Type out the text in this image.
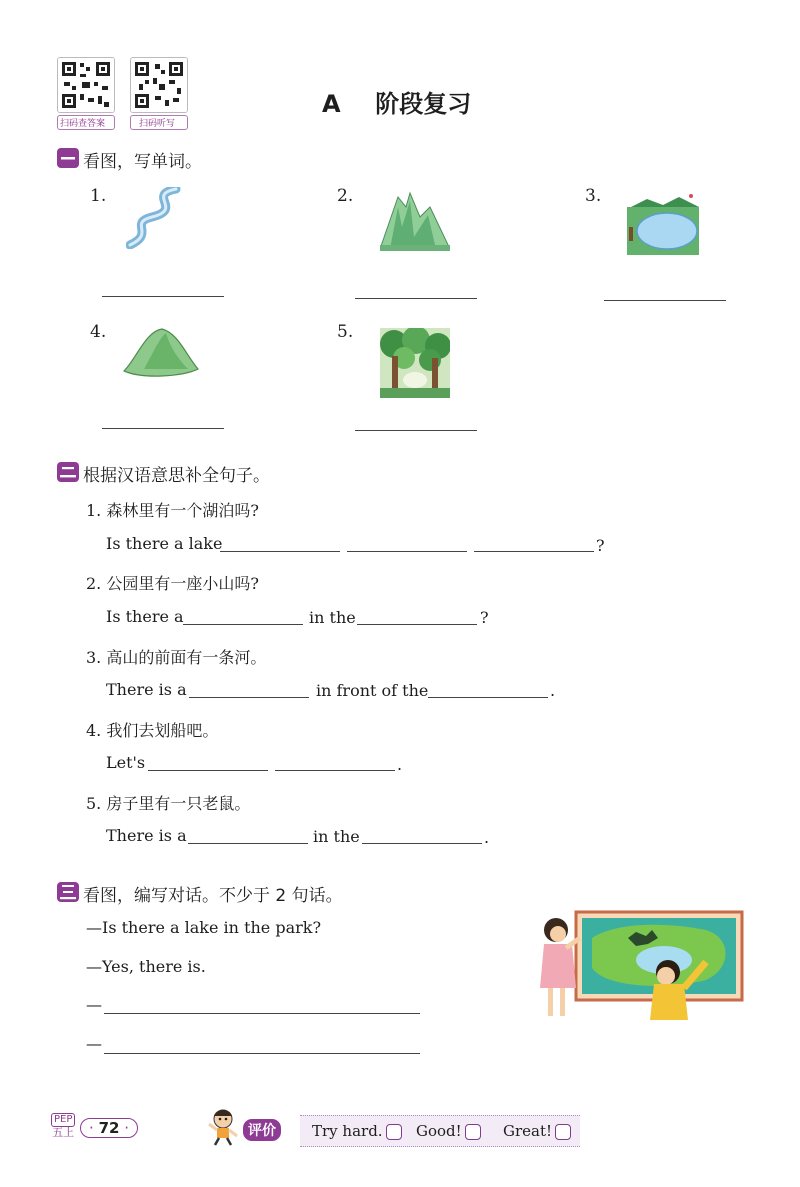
扫码查答案	扫码听写
A 阶段复习
看图，写单词。
1.	2.	3.
4.	5.
根据汉语意思补全句子。
1. 森林里有一个湖泊吗?
Is there a lake	?
2. 公园里有一座小山吗?
Is there a	in the	?
3. 高山的前面有一条河。
There is a	in front of the	.
4. 我们去划船吧。
Let's	.
5. 房子里有一只老鼠。
There is a	in the	.
看图，编写对话。不少于 2 句话。
—Is there a lake in the park?
—Yes, there is.
—
—
PEP
五上 · 72 ·	评价	Try hard.	Good!	Great!
